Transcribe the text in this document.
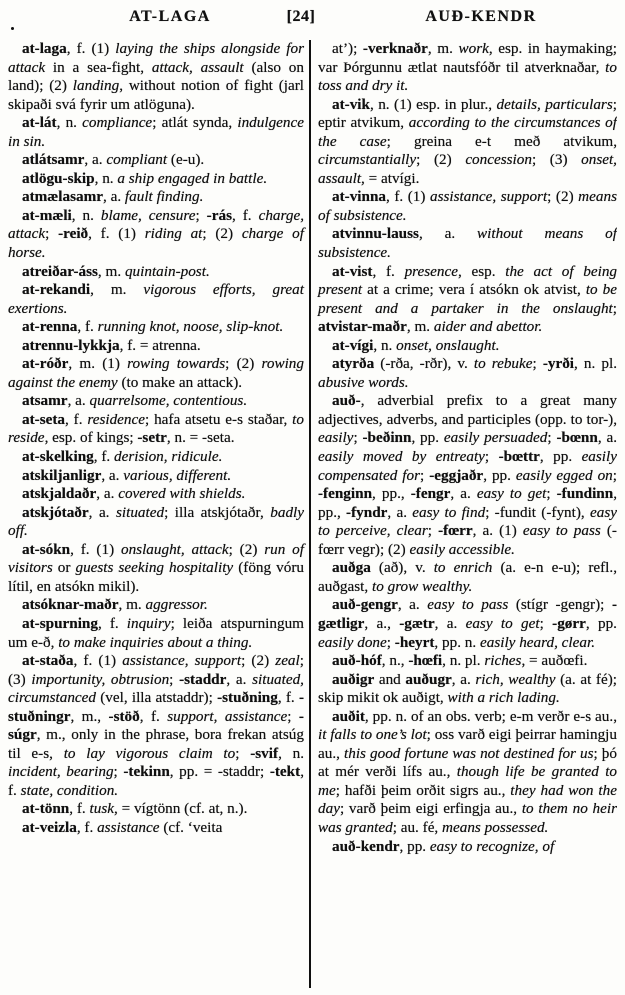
AT-LAGA	[24]	AUÐ-KENDR

at-laga, f. (1) laying the ships alongside for attack in a sea-fight, attack, assault (also on land); (2) landing, without notion of fight (jarl skipaði svá fyrir um atlöguna).

at-lát, n. compliance; atlát synda, indulgence in sin.

atlátsamr, a. compliant (e-u).

atlögu-skip, n. a ship engaged in battle.

atmælasamr, a. fault finding.

at-mæli, n. blame, censure; -rás, f. charge, attack; -reið, f. (1) riding at; (2) charge of horse.

atreiðar-áss, m. quintain-post.

at-rekandi, m. vigorous efforts, great exertions.

at-renna, f. running knot, noose, slip-knot.

atrennu-lykkja, f. = atrenna.

at-róðr, m. (1) rowing towards; (2) rowing against the enemy (to make an attack).

atsamr, a. quarrelsome, contentious.

at-seta, f. residence; hafa atsetu e-s staðar, to reside, esp. of kings; -setr, n. = -seta.

at-skelking, f. derision, ridicule.

atskiljanligr, a. various, different.

atskjaldaðr, a. covered with shields.

atskjótaðr, a. situated; illa atskjótaðr, badly off.

at-sókn, f. (1) onslaught, attack; (2) run of visitors or guests seeking hospitality (föng vóru lítil, en atsókn mikil).

atsóknar-maðr, m. aggressor.

at-spurning, f. inquiry; leiða atspurningum um e-ð, to make inquiries about a thing.

at-staða, f. (1) assistance, support; (2) zeal; (3) importunity, obtrusion; -staddr, a. situated, circumstanced (vel, illa atstaddr); -stuðning, f. -stuðningr, m., -stöð, f. support, assistance; -súgr, m., only in the phrase, bora frekan atsúg til e-s, to lay vigorous claim to; -svif, n. incident, bearing; -tekinn, pp. = -staddr; -tekt, f. state, condition.

at-tönn, f. tusk, = vígtönn (cf. at, n.).

at-veizla, f. assistance (cf. ‘veita

at’); -verknaðr, m. work, esp. in haymaking; var Þórgunnu ætlat nautsfóðr til atverknaðar, to toss and dry it.

at-vik, n. (1) esp. in plur., details, particulars; eptir atvikum, according to the circumstances of the case; greina e-t með atvikum, circumstantially; (2) concession; (3) onset, assault, = atvígi.

at-vinna, f. (1) assistance, support; (2) means of subsistence.

atvinnu-lauss, a. without means of subsistence.

at-vist, f. presence, esp. the act of being present at a crime; vera í atsókn ok atvist, to be present and a partaker in the onslaught; atvistar-maðr, m. aider and abettor.

at-vígi, n. onset, onslaught.

atyrða (-rða, -rðr), v. to rebuke; -yrði, n. pl. abusive words.

auð-, adverbial prefix to a great many adjectives, adverbs, and participles (opp. to tor-), easily; -beðinn, pp. easily persuaded; -bœnn, a. easily moved by entreaty; -bœttr, pp. easily compensated for; -eggjaðr, pp. easily egged on; -fenginn, pp., -fengr, a. easy to get; -fundinn, pp., -fyndr, a. easy to find; -fundit (-fynt), easy to perceive, clear; -fœrr, a. (1) easy to pass (-fœrr vegr); (2) easily accessible.

auðga (að), v. to enrich (a. e-n e-u); refl., auðgast, to grow wealthy.

auð-gengr, a. easy to pass (stígr -gengr); -gætligr, a., -gætr, a. easy to get; -gørr, pp. easily done; -heyrt, pp. n. easily heard, clear.

auð-hóf, n., -hœfi, n. pl. riches, = auðœfi.

auðigr and auðugr, a. rich, wealthy (a. at fé); skip mikit ok auðigt, with a rich lading.

auðit, pp. n. of an obs. verb; e-m verðr e-s au., it falls to one’s lot; oss varð eigi þeirrar hamingju au., this good fortune was not destined for us; þó at mér verði lífs au., though life be granted to me; hafði þeim orðit sigrs au., they had won the day; varð þeim eigi erfingja au., to them no heir was granted; au. fé, means possessed.

auð-kendr, pp. easy to recognize, of
